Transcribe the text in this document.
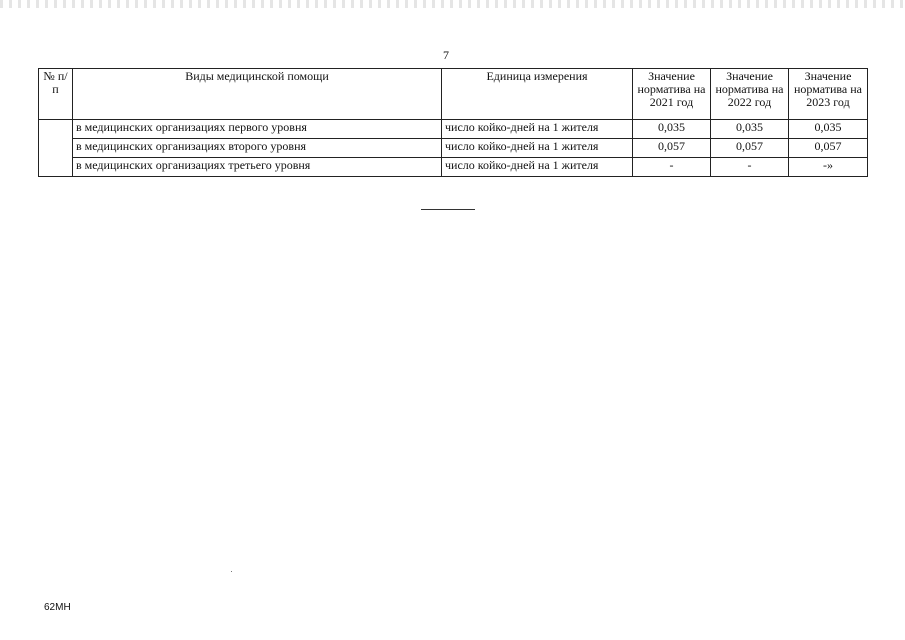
7
№ п/п	Виды медицинской помощи	Единица измерения	Значение норматива на 2021 год	Значение норматива на 2022 год	Значение норматива на 2023 год
	в медицинских организациях первого уровня	число койко-дней на 1 жителя	0,035	0,035	0,035
	в медицинских организациях второго уровня	число койко-дней на 1 жителя	0,057	0,057	0,057
	в медицинских организациях третьего уровня	число койко-дней на 1 жителя	-	-	-»
62МН
